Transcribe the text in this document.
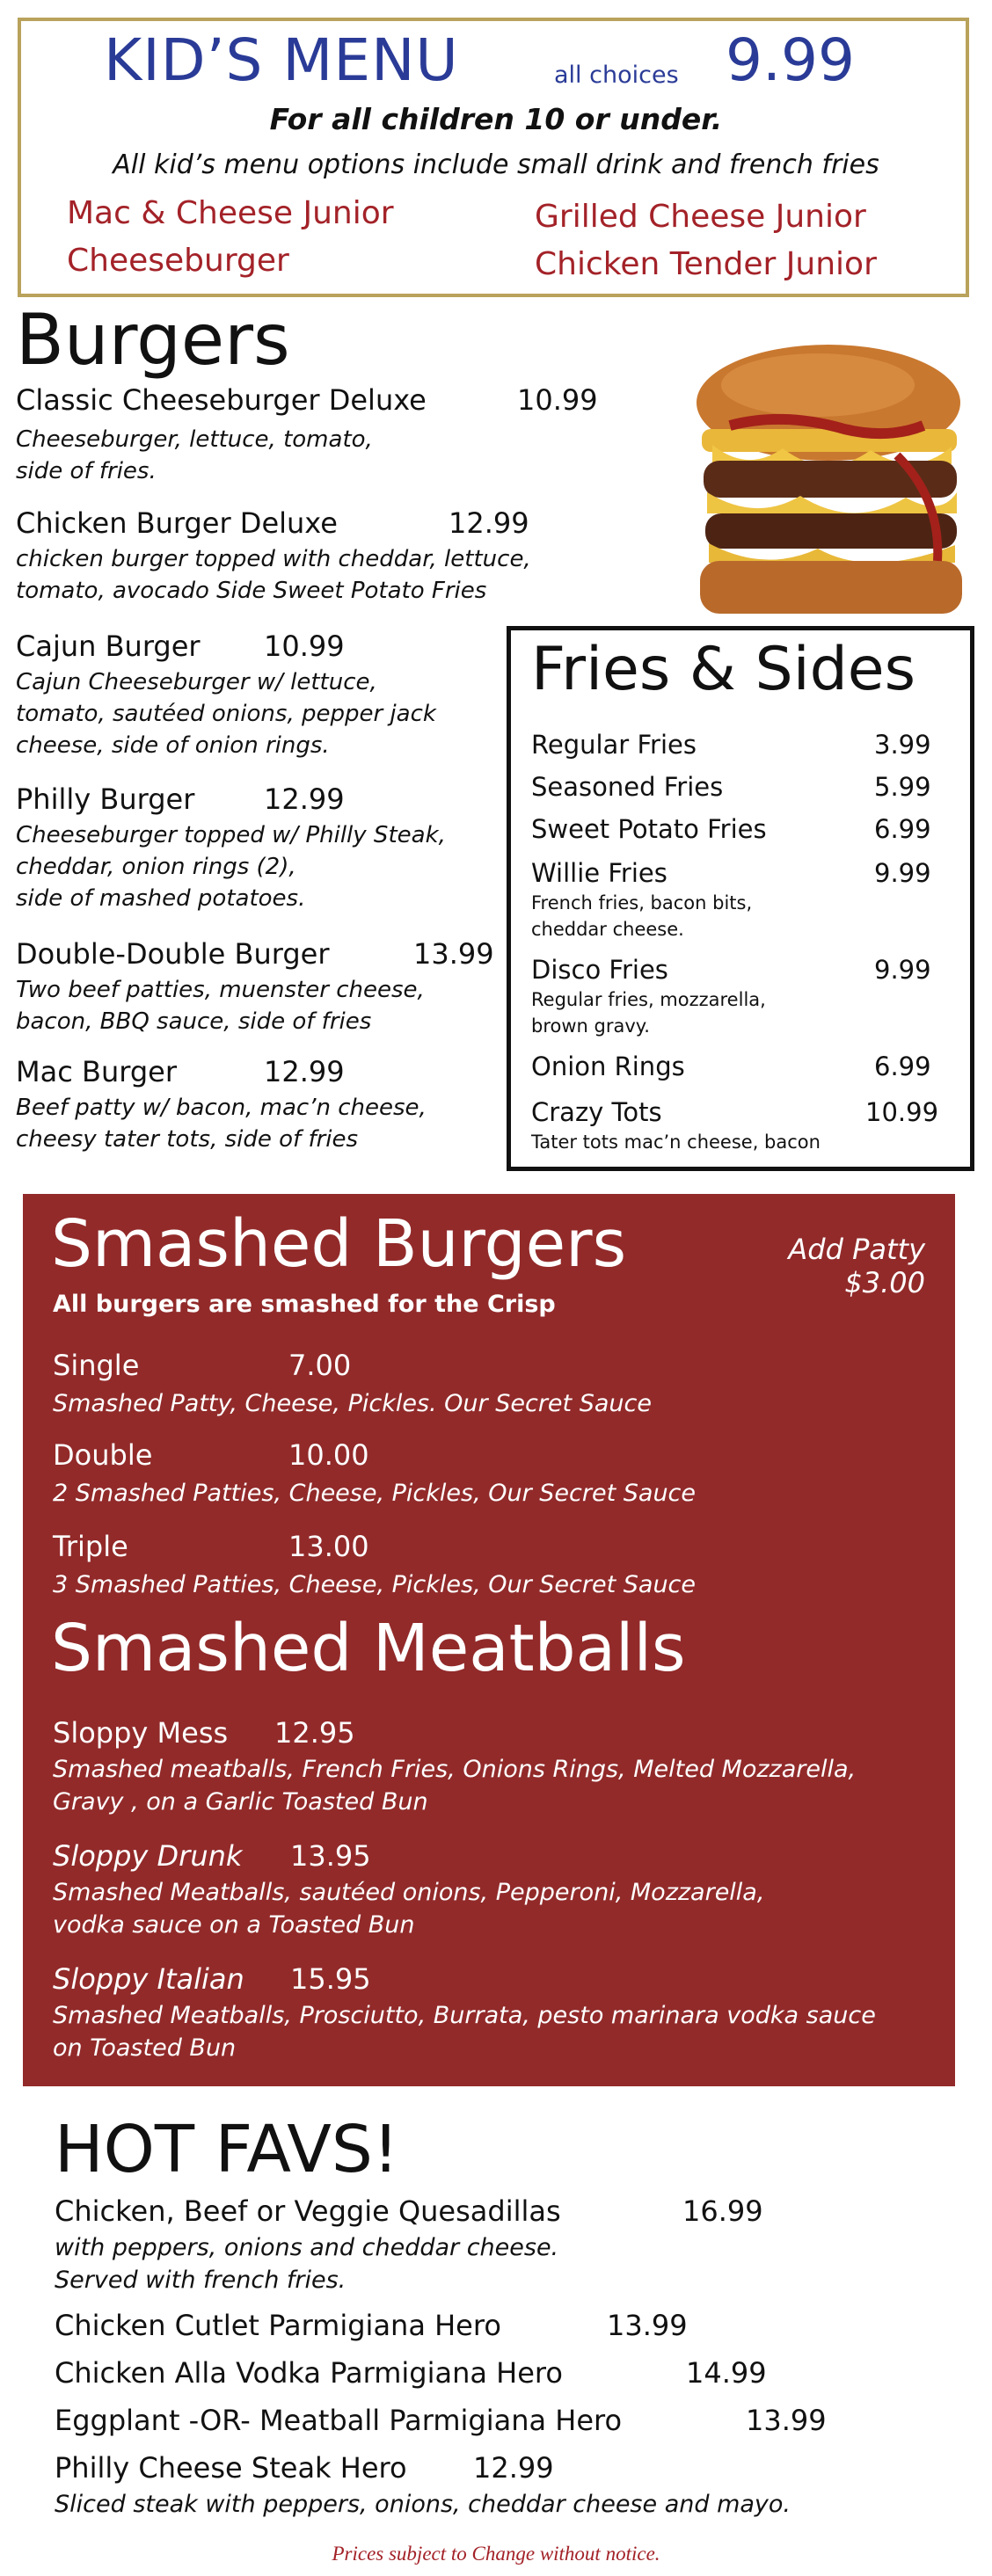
KID’S MENU	all choices 9.99
For all children 10 or under.
All kid’s menu options include small drink and french fries
Mac & Cheese Junior
Cheeseburger
Grilled Cheese Junior
Chicken Tender Junior
Burgers
Classic Cheeseburger Deluxe	10.99
Cheeseburger, lettuce, tomato,
side of fries.
Chicken Burger Deluxe	12.99
chicken burger topped with cheddar, lettuce,
tomato, avocado Side Sweet Potato Fries
Cajun Burger 10.99
Cajun Cheeseburger w/ lettuce,
tomato, sautéed onions, pepper jack
cheese, side of onion rings.
Philly Burger 12.99
Cheeseburger topped w/ Philly Steak,
cheddar, onion rings (2),
side of mashed potatoes.
Double-Double Burger	13.99
Two beef patties, muenster cheese,
bacon, BBQ sauce, side of fries
Mac Burger	12.99
Beef patty w/ bacon, mac’n cheese,
cheesy tater tots, side of fries
Fries & Sides
Regular Fries	3.99
Seasoned Fries	5.99
Sweet Potato Fries	6.99
Willie Fries	9.99
French fries, bacon bits,
cheddar cheese.
Disco Fries	9.99
Regular fries, mozzarella,
brown gravy.
Onion Rings	6.99
Crazy Tots	10.99
Tater tots mac’n cheese, bacon
Smashed Burgers
All burgers are smashed for the Crisp
Add Patty
$3.00
Single	7.00
Smashed Patty, Cheese, Pickles. Our Secret Sauce
Double	10.00
2 Smashed Patties, Cheese, Pickles, Our Secret Sauce
Triple	13.00
3 Smashed Patties, Cheese, Pickles, Our Secret Sauce
Smashed Meatballs
Sloppy Mess 12.95
Smashed meatballs, French Fries, Onions Rings, Melted Mozzarella,
Gravy , on a Garlic Toasted Bun
Sloppy Drunk 13.95
Smashed Meatballs, sautéed onions, Pepperoni, Mozzarella,
vodka sauce on a Toasted Bun
Sloppy Italian 15.95
Smashed Meatballs, Prosciutto, Burrata, pesto marinara vodka sauce
on Toasted Bun
HOT FAVS!
Chicken, Beef or Veggie Quesadillas	16.99
with peppers, onions and cheddar cheese.
Served with french fries.
Chicken Cutlet Parmigiana Hero	13.99
Chicken Alla Vodka Parmigiana Hero	14.99
Eggplant -OR- Meatball Parmigiana Hero	13.99
Philly Cheese Steak Hero 12.99
Sliced steak with peppers, onions, cheddar cheese and mayo.
Prices subject to Change without notice.
